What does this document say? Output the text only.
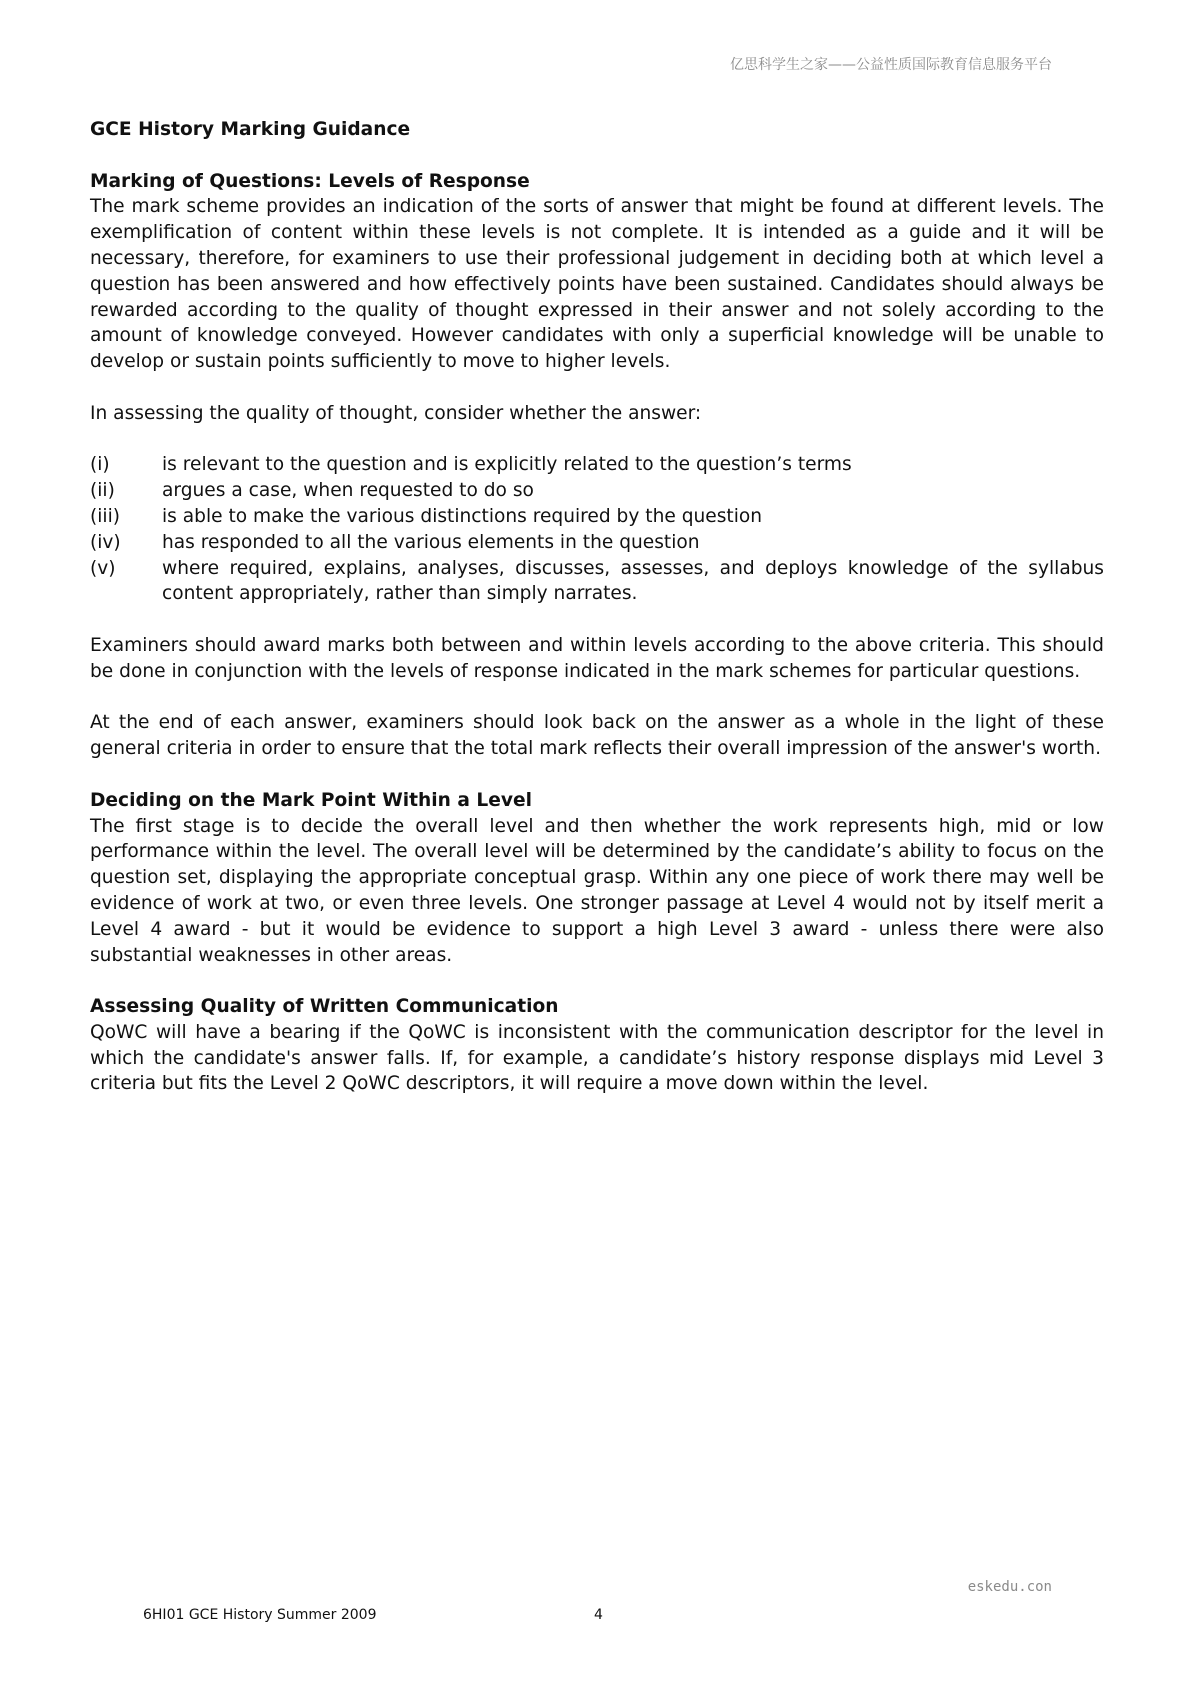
亿思科学生之家——公益性质国际教育信息服务平台
GCE History Marking Guidance
Marking of Questions: Levels of Response

The mark scheme provides an indication of the sorts of answer that might be found at different levels. The exemplification of content within these levels is not complete. It is intended as a guide and it will be necessary, therefore, for examiners to use their professional judgement in deciding both at which level a question has been answered and how effectively points have been sustained. Candidates should always be rewarded according to the quality of thought expressed in their answer and not solely according to the amount of knowledge conveyed. However candidates with only a superficial knowledge will be unable to develop or sustain points sufficiently to move to higher levels.

In assessing the quality of thought, consider whether the answer:

(i)	is relevant to the question and is explicitly related to the question’s terms
(ii)	argues a case, when requested to do so
(iii)	is able to make the various distinctions required by the question
(iv)	has responded to all the various elements in the question
(v)	where required, explains, analyses, discusses, assesses, and deploys knowledge of the syllabus content appropriately, rather than simply narrates.

Examiners should award marks both between and within levels according to the above criteria. This should be done in conjunction with the levels of response indicated in the mark schemes for particular questions.

At the end of each answer, examiners should look back on the answer as a whole in the light of these general criteria in order to ensure that the total mark reflects their overall impression of the answer's worth.

Deciding on the Mark Point Within a Level

The first stage is to decide the overall level and then whether the work represents high, mid or low performance within the level. The overall level will be determined by the candidate’s ability to focus on the question set, displaying the appropriate conceptual grasp. Within any one piece of work there may well be evidence of work at two, or even three levels. One stronger passage at Level 4 would not by itself merit a Level 4 award - but it would be evidence to support a high Level 3 award - unless there were also substantial weaknesses in other areas.

Assessing Quality of Written Communication

QoWC will have a bearing if the QoWC is inconsistent with the communication descriptor for the level in which the candidate's answer falls. If, for example, a candidate’s history response displays mid Level 3 criteria but fits the Level 2 QoWC descriptors, it will require a move down within the level.

eskedu.con
6HI01 GCE History Summer 2009	4
